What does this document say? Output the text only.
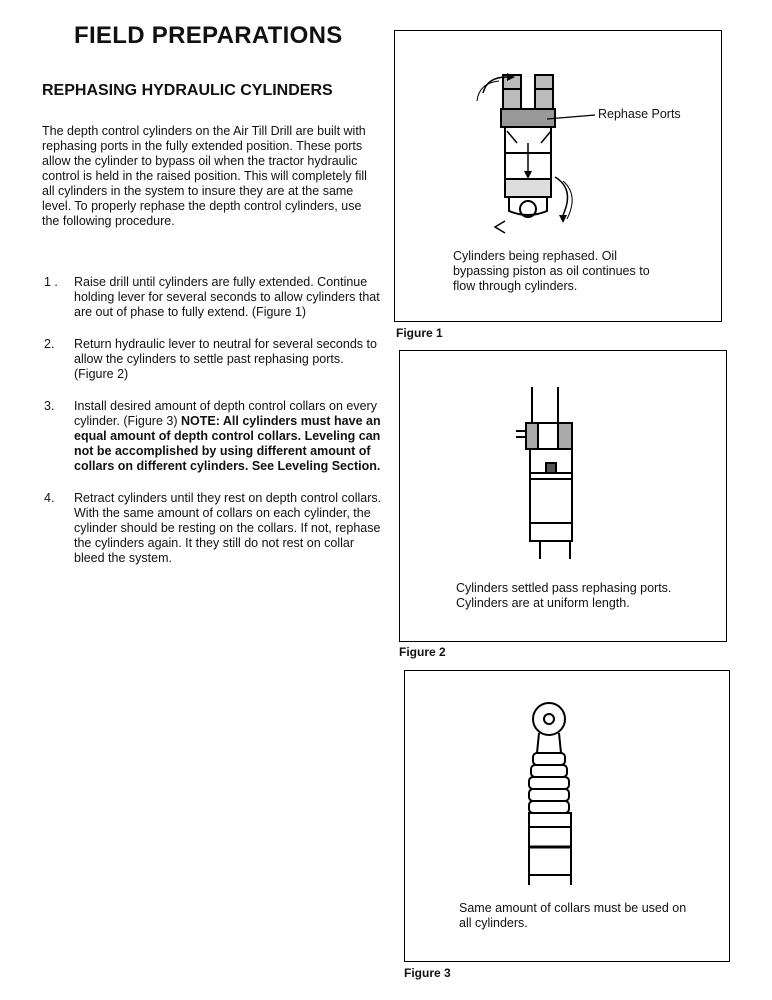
FIELD PREPARATIONS
REPHASING HYDRAULIC CYLINDERS

The depth control cylinders on the Air Till Drill are built with rephasing ports in the fully extended position. These ports allow the cylinder to bypass oil when the tractor hydraulic control is held in the raised position. This will completely fill all cylinders in the system to insure they are at the same level. To properly rephase the depth control cylinders, use the following procedure.

1 . Raise drill until cylinders are fully extended. Continue holding lever for several seconds to allow cylinders that are out of phase to fully extend. (Figure 1)
2. Return hydraulic lever to neutral for several seconds to allow the cylinders to settle past rephasing ports. (Figure 2)
3. Install desired amount of depth control collars on every cylinder. (Figure 3) NOTE: All cylinders must have an equal amount of depth control collars. Leveling can not be accomplished by using different amount of collars on different cylinders. See Leveling Section.
4. Retract cylinders until they rest on depth control collars. With the same amount of collars on each cylinder, the cylinder should be resting on the collars. If not, rephase the cylinders again. It they still do not rest on collar bleed the system.
Rephase Ports

Cylinders being rephased. Oil bypassing piston as oil continues to flow through cylinders.

Figure 1

Cylinders settled pass rephasing ports. Cylinders are at uniform length.

Figure 2

Same amount of collars must be used on all cylinders.

Figure 3
